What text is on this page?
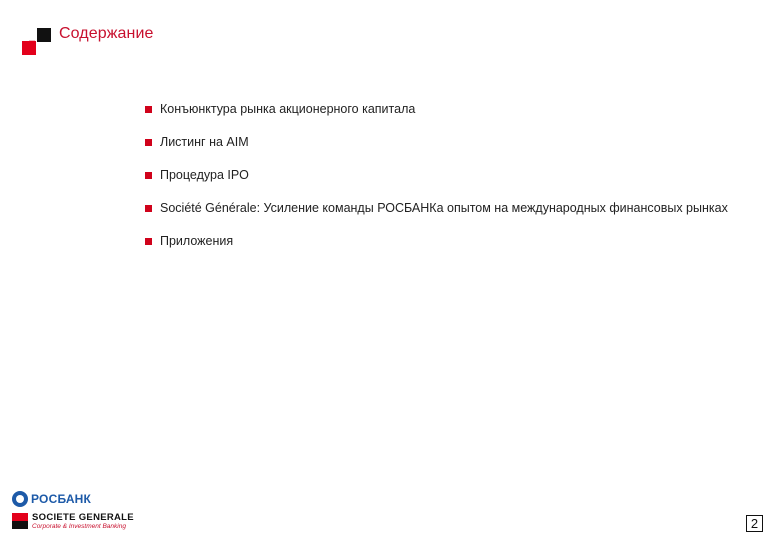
Содержание
Конъюнктура рынка акционерного капитала
Листинг на AIM
Процедура IPO
Société Générale: Усиление команды РОСБАНКа опытом на международных финансовых рынках
Приложения
РОСБАНК
SOCIETE GENERALE
Corporate & Investment Banking	2
